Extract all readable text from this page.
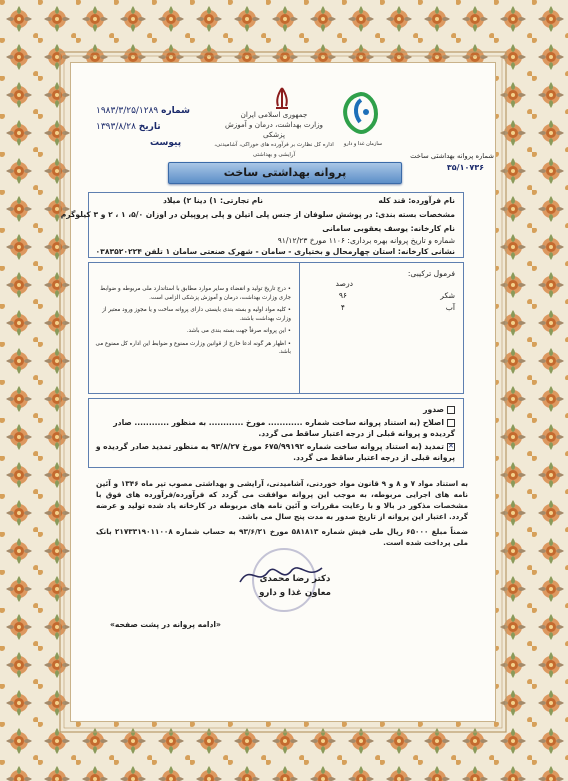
سازمان غذا و دارو
شماره پروانه بهداشتی ساخت
۳۵/۱۰۷۳۶
جمهوری اسلامی ایران
وزارت بهداشت، درمان و آموزش پزشکی
اداره کل نظارت بر فرآورده های خوراکی، آشامیدنی، آرایشی و بهداشتی
شماره ۱۹۸۳/۳/۲۵/۱۲۸۹
تاریخ ۱۳۹۳/۸/۲۸
پیوست
پروانه بهداشتی ساخت
نام فرآورده: قند کله
نام تجارتی: ۱) دینا ۲) میلاد
مشخصات بسته بندی: در پوشش سلوفان از جنس پلی اتیلن و پلی پروپیلن در اوزان ۵/۰، ۱ ، ۲ و ۳ کیلوگرم
نام کارخانه: یوسف یعقوبی سامانی
شماره و تاریخ پروانه بهره برداری: ۱۱۰۶ مورخ ۹۱/۱۲/۲۳
نشانی کارخانه: استان چهارمحال و بختیاری - سامان - شهرک صنعتی سامان ۱ تلفن ۰۳۸۳۵۲۰۲۲۴
فرمول ترکیبی:
درصد
شکر
۹۶
آب
۴
• درج تاریخ تولید و انقضاء و سایر موارد مطابق با استاندارد ملی مربوطه و ضوابط جاری وزارت بهداشت، درمان و آموزش پزشکی الزامی است.
• کلیه مواد اولیه و بسته بندی بایستی دارای پروانه ساخت و یا مجوز ورود معتبر از وزارت بهداشت باشند.
• این پروانه صرفاً جهت بسته بندی می باشد.
• اظهار هر گونه ادعا خارج از قوانین وزارت ممنوع و ضوابط این اداره کل ممنوع می باشد.
صدور
اصلاح (به استناد پروانه ساخت شماره ............ مورخ ............ به منظور ............ صادر گردیده و پروانه قبلی از درجه اعتبار ساقط می گردد.
✕
تمدید (به استناد پروانه ساخت شماره ۶۷۵/۹۹۱۹۲ مورخ ۹۳/۸/۲۷ به منظور تمدید صادر گردیده و پروانه قبلی از درجه اعتبار ساقط می گردد.
به استناد مواد ۷ و ۸ و ۹ قانون مواد خوردنی، آشامیدنی، آرایشی و بهداشتی مصوب تیر ماه ۱۳۴۶ و آئین نامه های اجرایی مربوطه، به موجب این پروانه موافقت می گردد که فرآورده/فرآورده های فوق با مشخصات مذکور در بالا و با رعایت مقررات و آئین نامه های مربوطه در کارخانه یاد شده تولید و عرضه گردد. اعتبار این پروانه از تاریخ صدور به مدت پنج سال می باشد.
ضمناً مبلغ ۶۵۰۰۰ ریال طی فیش شماره ۵۸۱۸۱۳ مورخ ۹۳/۶/۲۱ به حساب شماره ۲۱۷۳۳۱۹۰۱۱۰۰۸ بانک ملی پرداخت شده است.
دکتر رضا محمدی
معاون غذا و دارو
«ادامه پروانه در پشت صفحه»
